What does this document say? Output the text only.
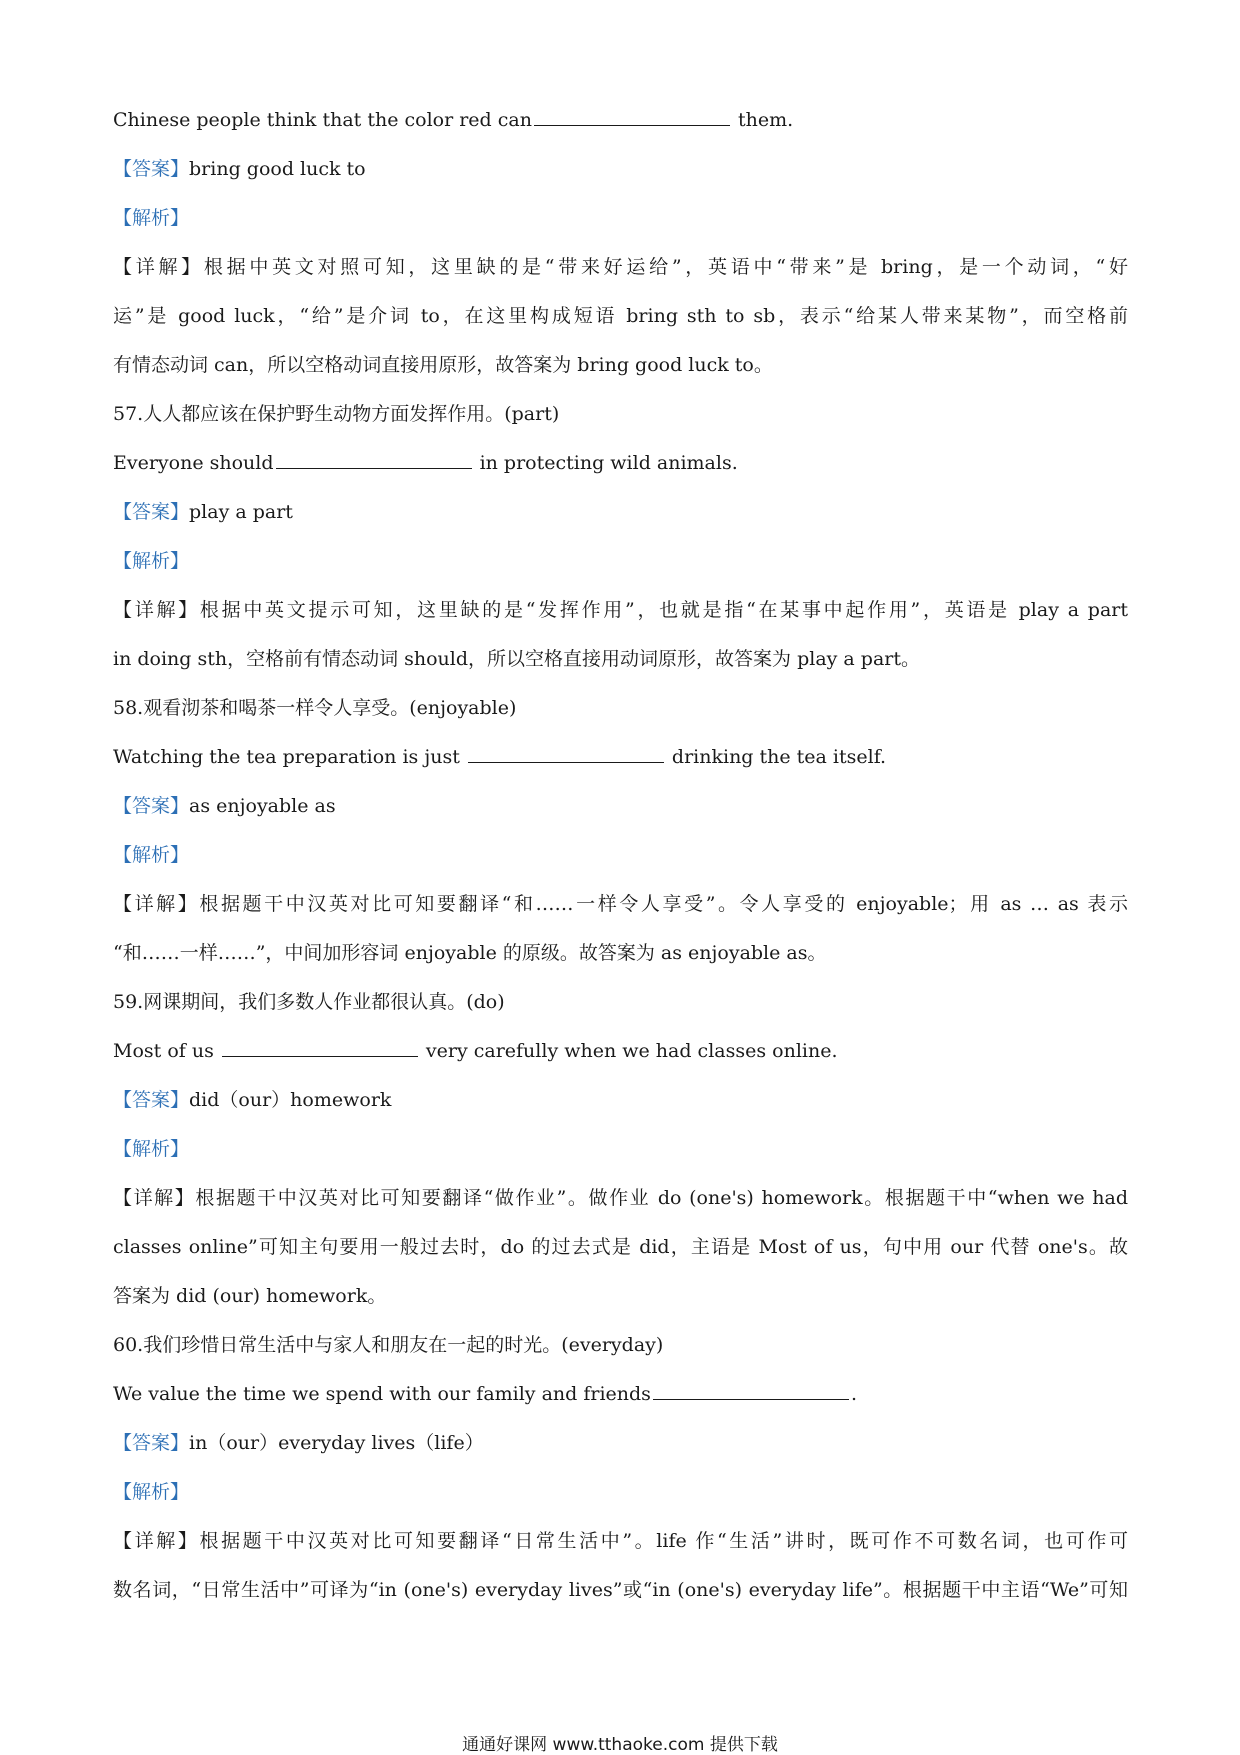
Chinese people think that the color red can	them.
【答案】bring good luck to
【解析】
【详解】根据中英文对照可知，这里缺的是“带来好运给”，英语中“带来”是 bring，是一个动词，“好
运”是 good luck，“给”是介词 to，在这里构成短语 bring sth to sb，表示“给某人带来某物”，而空格前
有情态动词 can，所以空格动词直接用原形，故答案为 bring good luck to。
57.人人都应该在保护野生动物方面发挥作用。(part)
Everyone should	in protecting wild animals.
【答案】play a part
【解析】
【详解】根据中英文提示可知，这里缺的是“发挥作用”，也就是指“在某事中起作用”，英语是 play a part
in doing sth，空格前有情态动词 should，所以空格直接用动词原形，故答案为 play a part。
58.观看沏茶和喝茶一样令人享受。(enjoyable)
Watching the tea preparation is just	drinking the tea itself.
【答案】as enjoyable as
【解析】
【详解】根据题干中汉英对比可知要翻译“和……一样令人享受”。令人享受的 enjoyable；用 as … as 表示
“和……一样……”，中间加形容词 enjoyable 的原级。故答案为 as enjoyable as。
59.网课期间，我们多数人作业都很认真。(do)
Most of us	very carefully when we had classes online.
【答案】did（our）homework
【解析】
【详解】根据题干中汉英对比可知要翻译“做作业”。做作业 do (one's) homework。根据题干中“when we had
classes online”可知主句要用一般过去时，do 的过去式是 did，主语是 Most of us，句中用 our 代替 one's。故
答案为 did (our) homework。
60.我们珍惜日常生活中与家人和朋友在一起的时光。(everyday)
We value the time we spend with our family and friends	.
【答案】in（our）everyday lives（life）
【解析】
【详解】根据题干中汉英对比可知要翻译“日常生活中”。life 作“生活”讲时，既可作不可数名词，也可作可
数名词，“日常生活中”可译为“in (one's) everyday lives”或“in (one's) everyday life”。根据题干中主语“We”可知
通通好课网 www.tthaoke.com 提供下载
